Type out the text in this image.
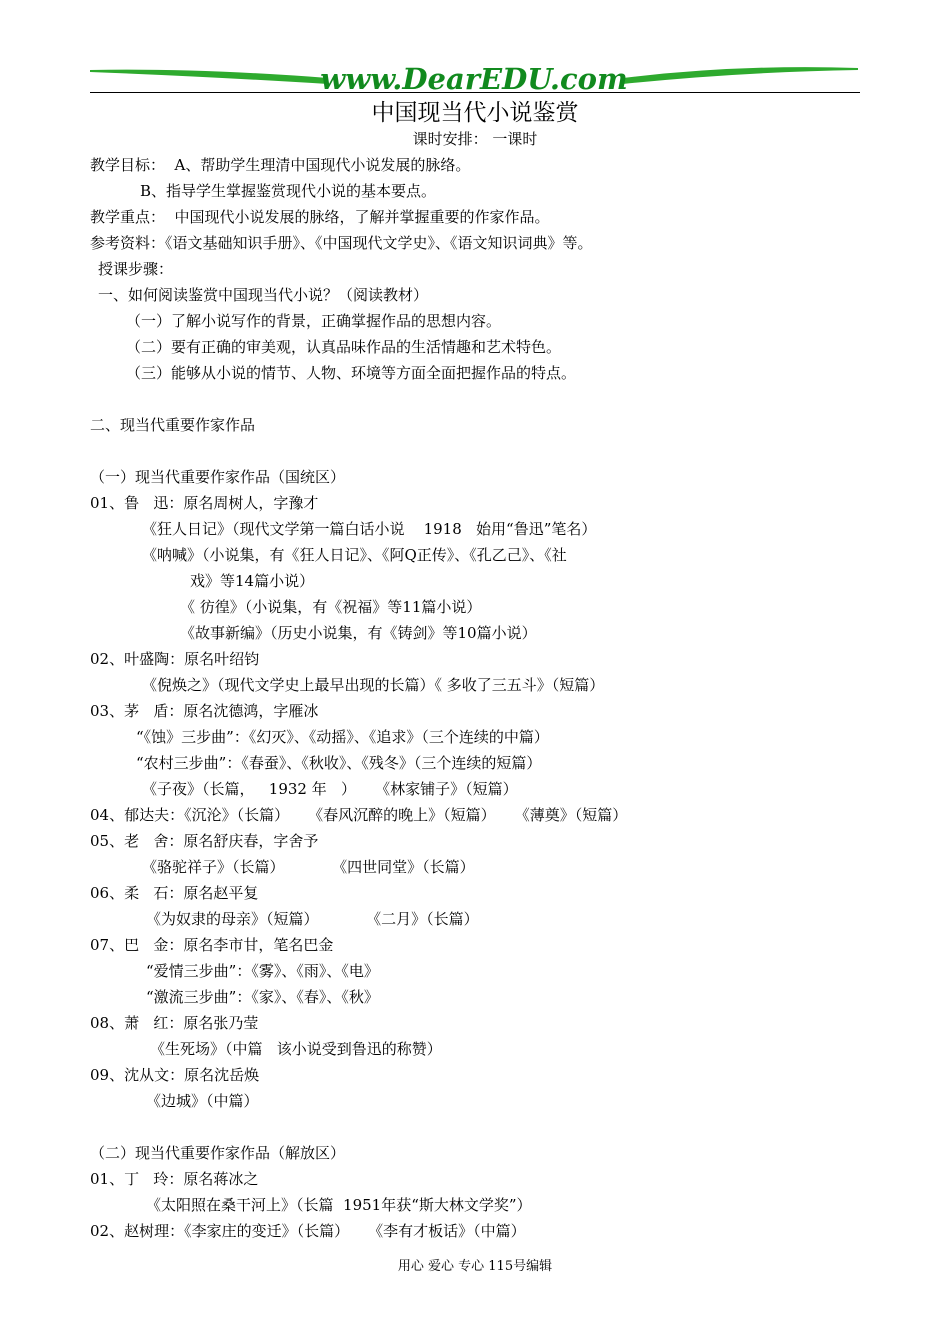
www.DearEDU.com
中国现当代小说鉴赏
课时安排： 一课时
教学目标：  A、帮助学生理清中国现代小说发展的脉络。
B、指导学生掌握鉴赏现代小说的基本要点。
教学重点：  中国现代小说发展的脉络，了解并掌握重要的作家作品。
参考资料：《语文基础知识手册》、《中国现代文学史》、《语文知识词典》等。
授课步骤：
一、如何阅读鉴赏中国现当代小说？（阅读教材）
（一）了解小说写作的背景，正确掌握作品的思想内容。
（二）要有正确的审美观，认真品味作品的生活情趣和艺术特色。
（三）能够从小说的情节、人物、环境等方面全面把握作品的特点。
二、现当代重要作家作品
（一）现当代重要作家作品（国统区）
01、鲁   迅：原名周树人，字豫才
《狂人日记》（现代文学第一篇白话小说    1918   始用“鲁迅”笔名）
《呐喊》（小说集，有《狂人日记》、《阿Q正传》、《孔乙己》、《社
戏》等14篇小说）
《 彷徨》（小说集，有《祝福》等11篇小说）
《故事新编》（历史小说集，有《铸剑》等10篇小说）
02、叶盛陶：原名叶绍钧
《倪焕之》（现代文学史上最早出现的长篇）《 多收了三五斗》（短篇）
03、茅   盾：原名沈德鸿，字雁冰
“《蚀》三步曲”：《幻灭》、《动摇》、《追求》（三个连续的中篇）
“农村三步曲”：《春蚕》、《秋收》、《残冬》（三个连续的短篇）
《子夜》（长篇，   1932 年   ）    《林家铺子》（短篇）
04、郁达夫：《沉沦》（长篇）    《春风沉醉的晚上》（短篇）    《薄奠》（短篇）
05、老   舍：原名舒庆春，字舍予
《骆驼祥子》（长篇）          《四世同堂》（长篇）
06、柔   石：原名赵平复
《为奴隶的母亲》（短篇）          《二月》（长篇）
07、巴   金：原名李市甘，笔名巴金
“爱情三步曲”：《雾》、《雨》、《电》
“激流三步曲”：《家》、《春》、《秋》
08、萧   红：原名张乃莹
《生死场》（中篇   该小说受到鲁迅的称赞）
09、沈从文：原名沈岳焕
《边城》（中篇）
（二）现当代重要作家作品（解放区）
01、丁   玲：原名蒋冰之
《太阳照在桑干河上》（长篇  1951年获“斯大林文学奖”）
02、赵树理：《李家庄的变迁》（长篇）    《李有才板话》（中篇）
用心 爱心 专心 115号编辑
